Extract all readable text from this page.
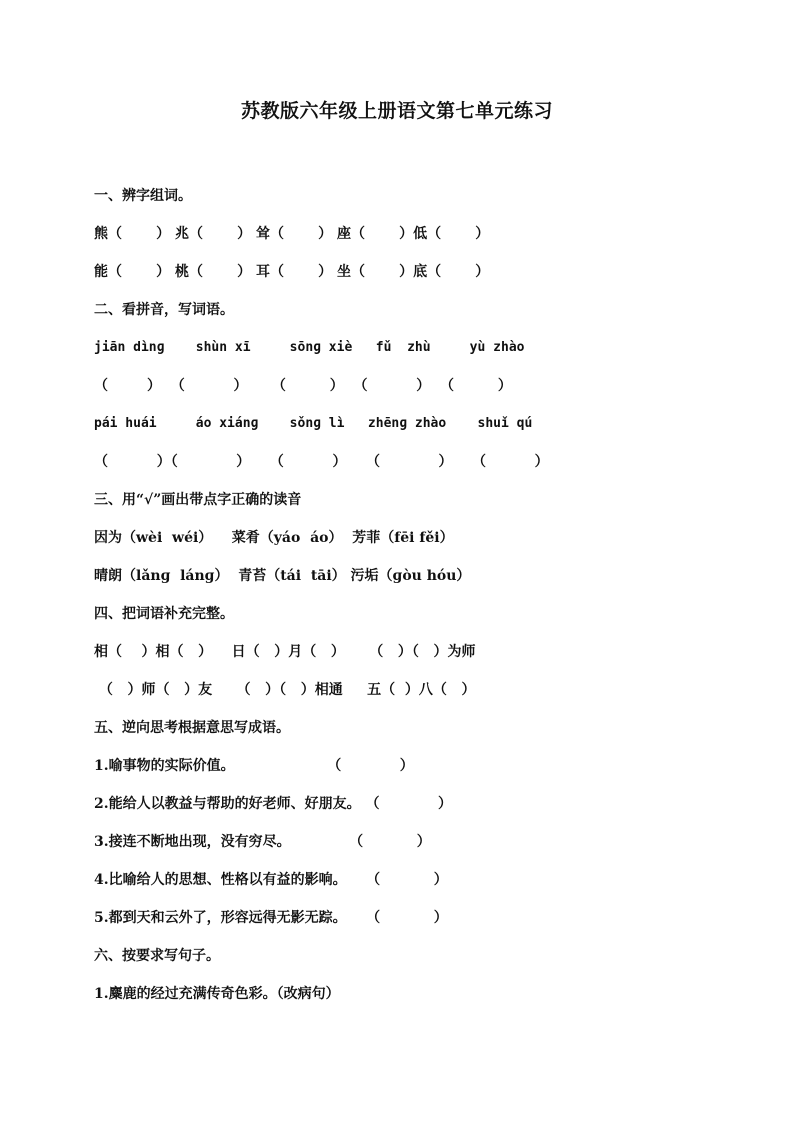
苏教版六年级上册语文第七单元练习
一、辨字组词。
熊（       ） 兆（       ） 耸（       ） 座（       ）低（       ）
能（       ） 桃（       ） 耳（       ） 坐（       ）底（       ）
二、看拼音，写词语。
jiān dìnɡ    shùn xī     sōnɡ xiè   fǔ  zhù     yù zhào
（        ）  （          ）     （         ）  （          ）  （         ）
pái huái     áo xiánɡ    sǒnɡ lì   zhēnɡ zhào    shuǐ qú
（          ）（            ）    （          ）    （            ）    （          ）
三、用“√”画出带点字正确的读音
因为（wèi  wéi）    菜肴（yáo  áo）  芳菲（fēi fěi）
晴朗（lǎnɡ  lánɡ）  青苔（tái  tāi） 污垢（ɡòu hóu）
四、把词语补充完整。
相（    ）相（   ）    日（   ）月（   ）     （   ）（   ）为师
（   ）师（   ）友     （   ）（   ）相通     五（  ）八（   ）
五、逆向思考根据意思写成语。
1.喻事物的实际价值。                   （            ）
2.能给人以教益与帮助的好老师、好朋友。 （            ）
3.接连不断地出现，没有穷尽。            （           ）
4.比喻给人的思想、性格以有益的影响。    （           ）
5.都到天和云外了，形容远得无影无踪。    （           ）
六、按要求写句子。
1.麋鹿的经过充满传奇色彩。（改病句）
